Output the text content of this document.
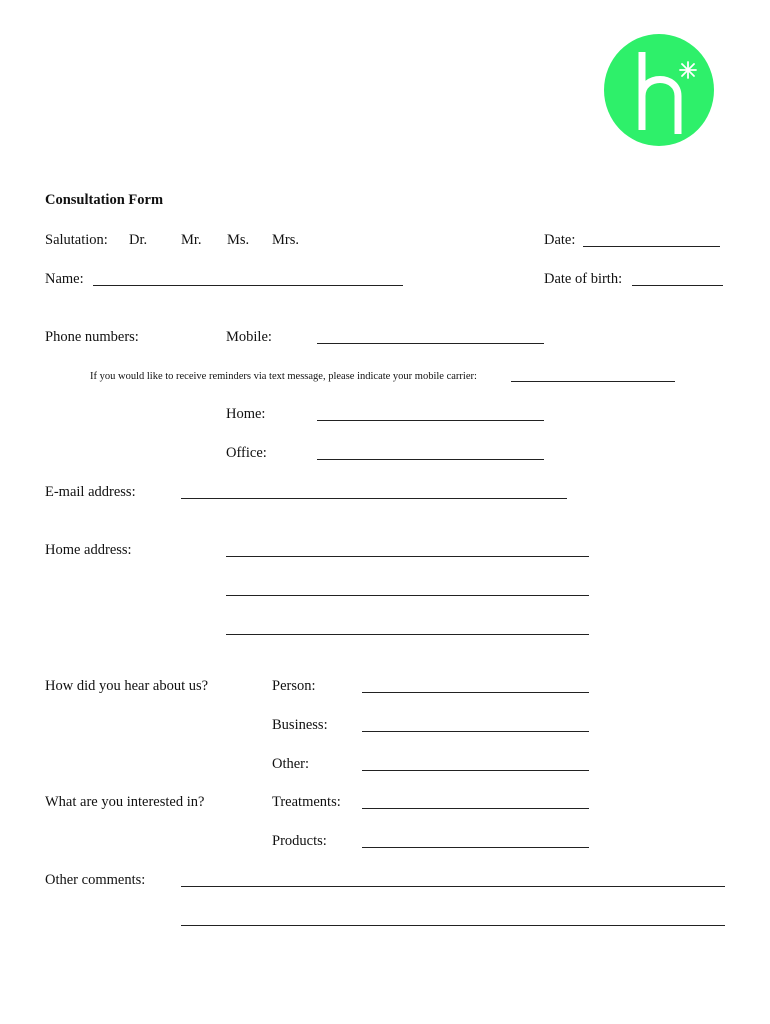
Consultation Form
Salutation: Dr. Mr. Ms. Mrs.	Date:
Name:	Date of birth:
Phone numbers:	Mobile:
If you would like to receive reminders via text message, please indicate your mobile carrier:
Home:
Office:
E-mail address:
Home address:
How did you hear about us?	Person:
Business:
Other:
What are you interested in?	Treatments:
Products:
Other comments:
